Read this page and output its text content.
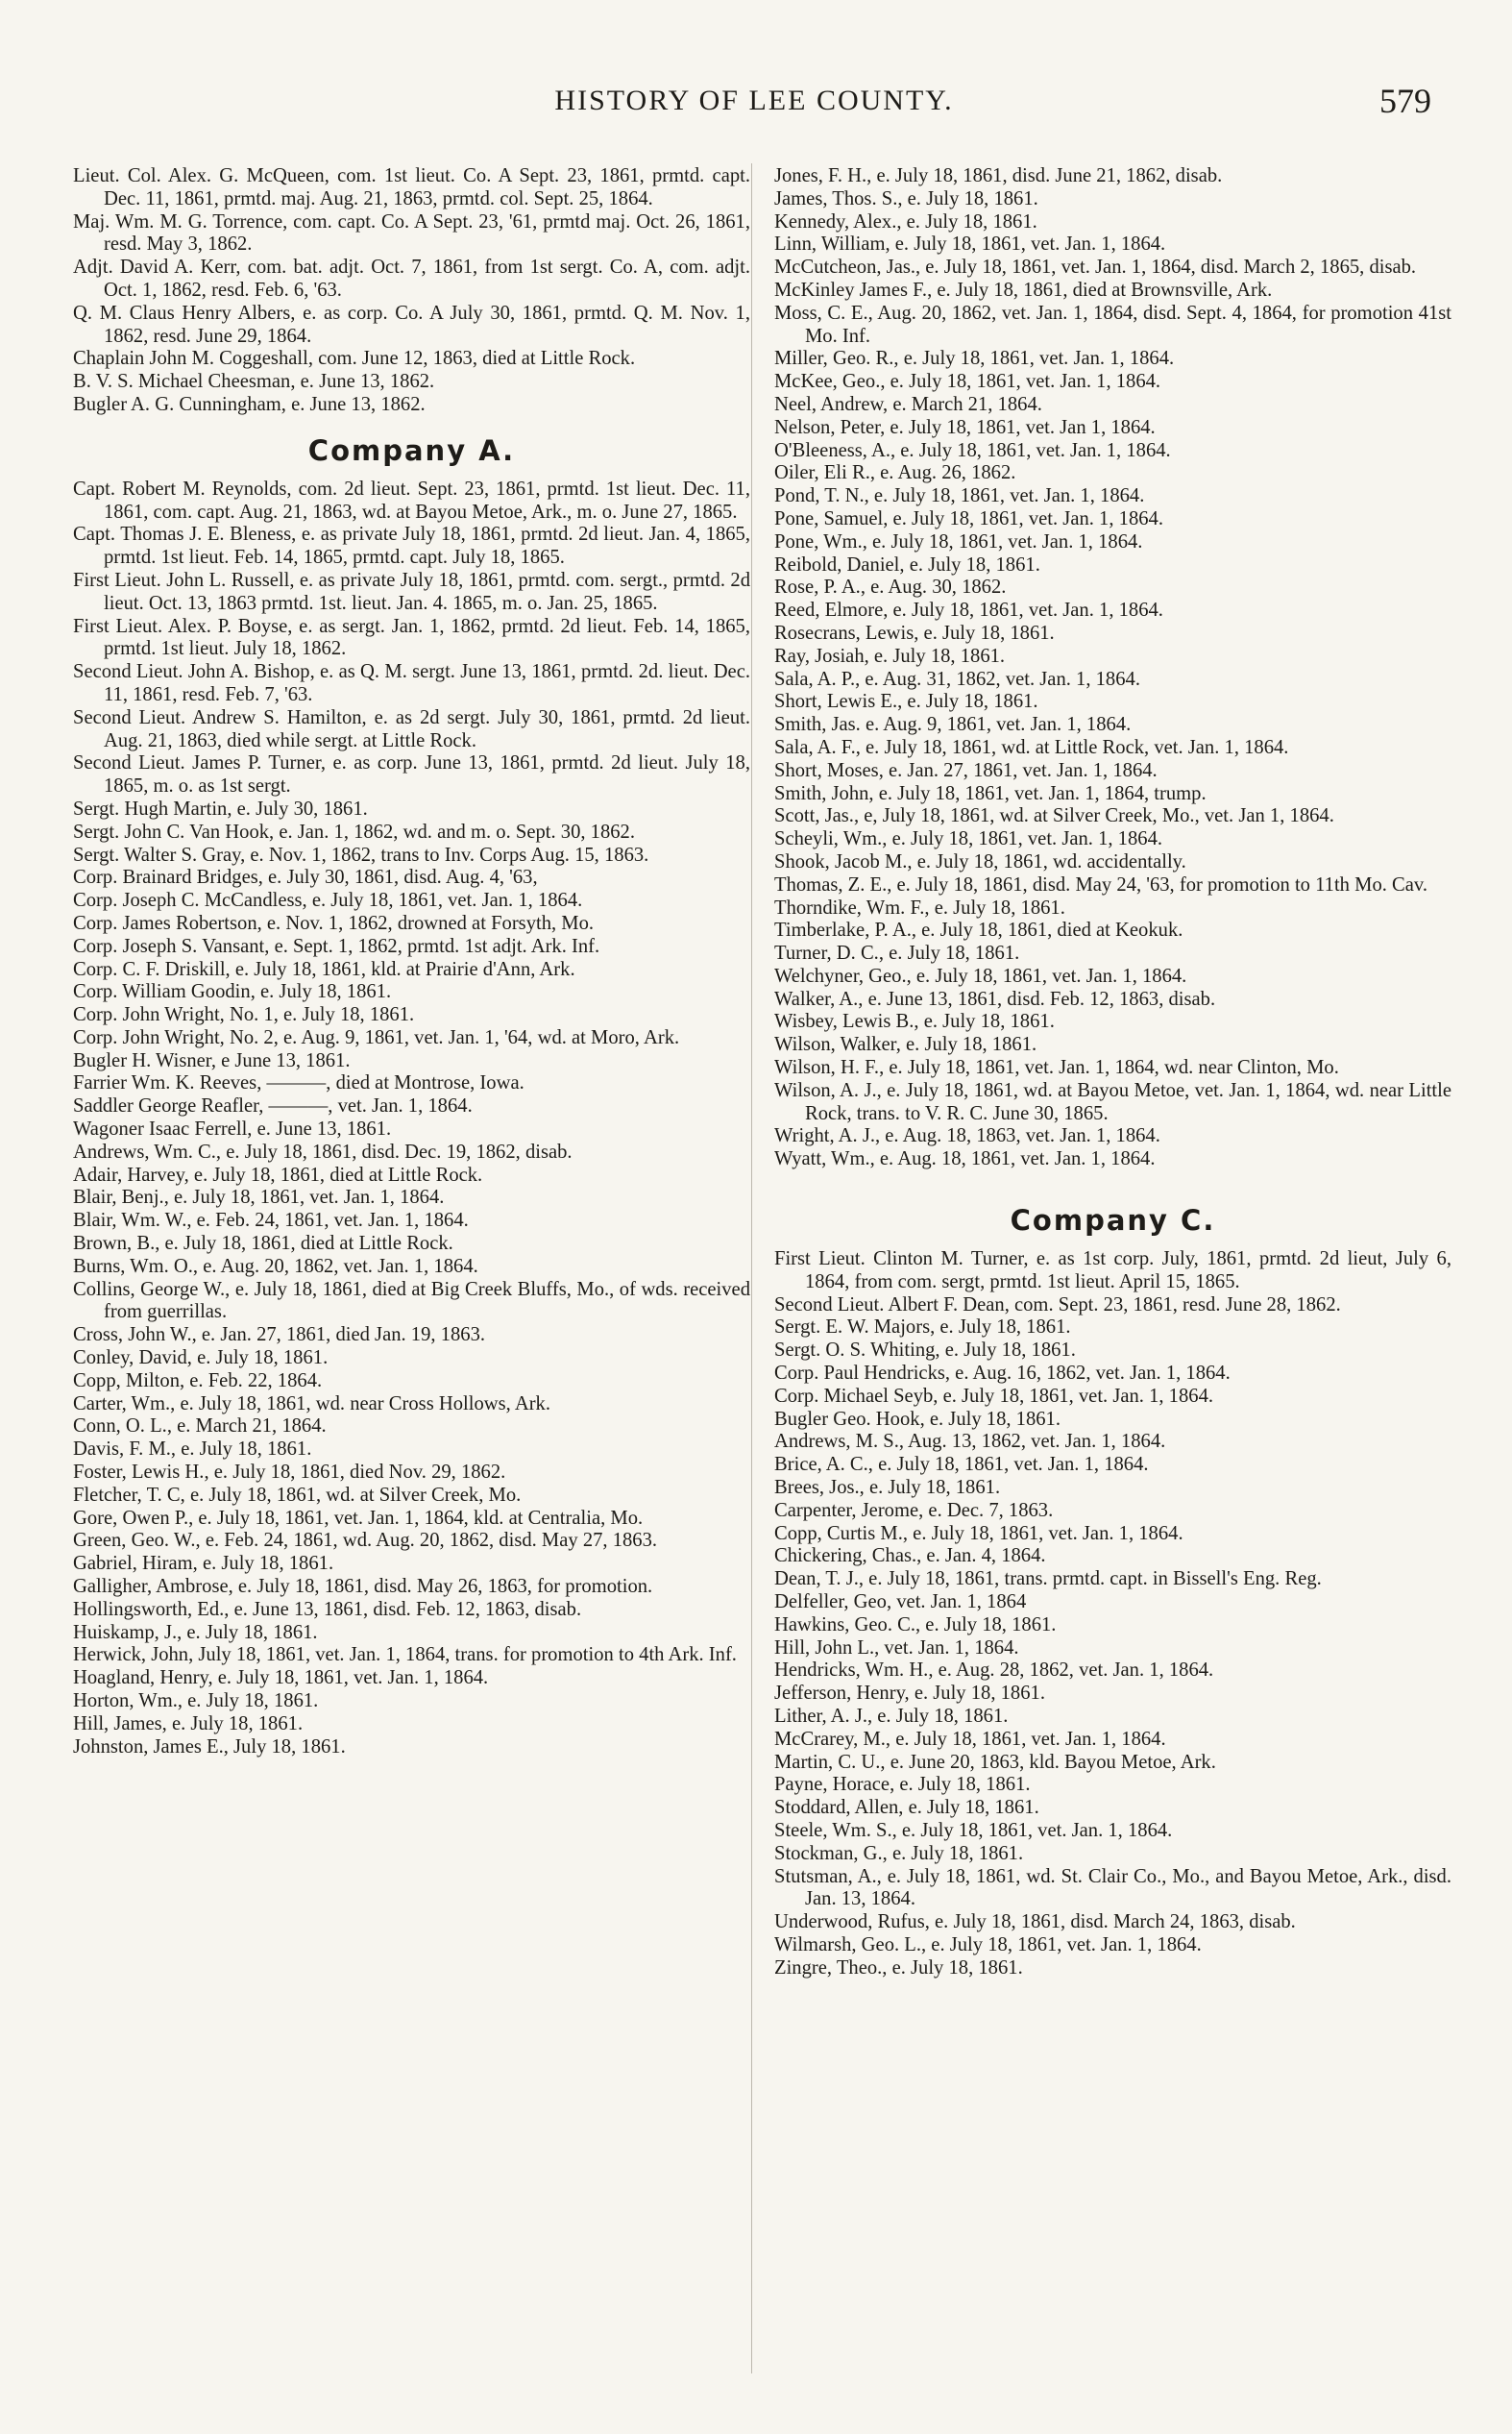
HISTORY OF LEE COUNTY.	579
Lieut. Col. Alex. G. McQueen, com. 1st lieut. Co. A Sept. 23, 1861, prmtd. capt. Dec. 11, 1861, prmtd. maj. Aug. 21, 1863, prmtd. col. Sept. 25, 1864.
Maj. Wm. M. G. Torrence, com. capt. Co. A Sept. 23, '61, prmtd maj. Oct. 26, 1861, resd. May 3, 1862.
Adjt. David A. Kerr, com. bat. adjt. Oct. 7, 1861, from 1st sergt. Co. A, com. adjt. Oct. 1, 1862, resd. Feb. 6, '63.
Q. M. Claus Henry Albers, e. as corp. Co. A July 30, 1861, prmtd. Q. M. Nov. 1, 1862, resd. June 29, 1864.
Chaplain John M. Coggeshall, com. June 12, 1863, died at Little Rock.
B. V. S. Michael Cheesman, e. June 13, 1862.
Bugler A. G. Cunningham, e. June 13, 1862.
Company A.
Capt. Robert M. Reynolds, com. 2d lieut. Sept. 23, 1861, prmtd. 1st lieut. Dec. 11, 1861, com. capt. Aug. 21, 1863, wd. at Bayou Metoe, Ark., m. o. June 27, 1865.
Capt. Thomas J. E. Bleness, e. as private July 18, 1861, prmtd. 2d lieut. Jan. 4, 1865, prmtd. 1st lieut. Feb. 14, 1865, prmtd. capt. July 18, 1865.
First Lieut. John L. Russell, e. as private July 18, 1861, prmtd. com. sergt., prmtd. 2d lieut. Oct. 13, 1863 prmtd. 1st. lieut. Jan. 4. 1865, m. o. Jan. 25, 1865.
First Lieut. Alex. P. Boyse, e. as sergt. Jan. 1, 1862, prmtd. 2d lieut. Feb. 14, 1865, prmtd. 1st lieut. July 18, 1862.
Second Lieut. John A. Bishop, e. as Q. M. sergt. June 13, 1861, prmtd. 2d. lieut. Dec. 11, 1861, resd. Feb. 7, '63.
Second Lieut. Andrew S. Hamilton, e. as 2d sergt. July 30, 1861, prmtd. 2d lieut. Aug. 21, 1863, died while sergt. at Little Rock.
Second Lieut. James P. Turner, e. as corp. June 13, 1861, prmtd. 2d lieut. July 18, 1865, m. o. as 1st sergt.
Sergt. Hugh Martin, e. July 30, 1861.
Sergt. John C. Van Hook, e. Jan. 1, 1862, wd. and m. o. Sept. 30, 1862.
Sergt. Walter S. Gray, e. Nov. 1, 1862, trans to Inv. Corps Aug. 15, 1863.
Corp. Brainard Bridges, e. July 30, 1861, disd. Aug. 4, '63,
Corp. Joseph C. McCandless, e. July 18, 1861, vet. Jan. 1, 1864.
Corp. James Robertson, e. Nov. 1, 1862, drowned at Forsyth, Mo.
Corp. Joseph S. Vansant, e. Sept. 1, 1862, prmtd. 1st adjt. Ark. Inf.
Corp. C. F. Driskill, e. July 18, 1861, kld. at Prairie d'Ann, Ark.
Corp. William Goodin, e. July 18, 1861.
Corp. John Wright, No. 1, e. July 18, 1861.
Corp. John Wright, No. 2, e. Aug. 9, 1861, vet. Jan. 1, '64, wd. at Moro, Ark.
Bugler H. Wisner, e June 13, 1861.
Farrier Wm. K. Reeves, ———, died at Montrose, Iowa.
Saddler George Reafler, ———, vet. Jan. 1, 1864.
Wagoner Isaac Ferrell, e. June 13, 1861.
Andrews, Wm. C., e. July 18, 1861, disd. Dec. 19, 1862, disab.
Adair, Harvey, e. July 18, 1861, died at Little Rock.
Blair, Benj., e. July 18, 1861, vet. Jan. 1, 1864.
Blair, Wm. W., e. Feb. 24, 1861, vet. Jan. 1, 1864.
Brown, B., e. July 18, 1861, died at Little Rock.
Burns, Wm. O., e. Aug. 20, 1862, vet. Jan. 1, 1864.
Collins, George W., e. July 18, 1861, died at Big Creek Bluffs, Mo., of wds. received from guerrillas.
Cross, John W., e. Jan. 27, 1861, died Jan. 19, 1863.
Conley, David, e. July 18, 1861.
Copp, Milton, e. Feb. 22, 1864.
Carter, Wm., e. July 18, 1861, wd. near Cross Hollows, Ark.
Conn, O. L., e. March 21, 1864.
Davis, F. M., e. July 18, 1861.
Foster, Lewis H., e. July 18, 1861, died Nov. 29, 1862.
Fletcher, T. C, e. July 18, 1861, wd. at Silver Creek, Mo.
Gore, Owen P., e. July 18, 1861, vet. Jan. 1, 1864, kld. at Centralia, Mo.
Green, Geo. W., e. Feb. 24, 1861, wd. Aug. 20, 1862, disd. May 27, 1863.
Gabriel, Hiram, e. July 18, 1861.
Galligher, Ambrose, e. July 18, 1861, disd. May 26, 1863, for promotion.
Hollingsworth, Ed., e. June 13, 1861, disd. Feb. 12, 1863, disab.
Huiskamp, J., e. July 18, 1861.
Herwick, John, July 18, 1861, vet. Jan. 1, 1864, trans. for promotion to 4th Ark. Inf.
Hoagland, Henry, e. July 18, 1861, vet. Jan. 1, 1864.
Horton, Wm., e. July 18, 1861.
Hill, James, e. July 18, 1861.
Johnston, James E., July 18, 1861.
Jones, F. H., e. July 18, 1861, disd. June 21, 1862, disab.
James, Thos. S., e. July 18, 1861.
Kennedy, Alex., e. July 18, 1861.
Linn, William, e. July 18, 1861, vet. Jan. 1, 1864.
McCutcheon, Jas., e. July 18, 1861, vet. Jan. 1, 1864, disd. March 2, 1865, disab.
McKinley James F., e. July 18, 1861, died at Brownsville, Ark.
Moss, C. E., Aug. 20, 1862, vet. Jan. 1, 1864, disd. Sept. 4, 1864, for promotion 41st Mo. Inf.
Miller, Geo. R., e. July 18, 1861, vet. Jan. 1, 1864.
McKee, Geo., e. July 18, 1861, vet. Jan. 1, 1864.
Neel, Andrew, e. March 21, 1864.
Nelson, Peter, e. July 18, 1861, vet. Jan 1, 1864.
O'Bleeness, A., e. July 18, 1861, vet. Jan. 1, 1864.
Oiler, Eli R., e. Aug. 26, 1862.
Pond, T. N., e. July 18, 1861, vet. Jan. 1, 1864.
Pone, Samuel, e. July 18, 1861, vet. Jan. 1, 1864.
Pone, Wm., e. July 18, 1861, vet. Jan. 1, 1864.
Reibold, Daniel, e. July 18, 1861.
Rose, P. A., e. Aug. 30, 1862.
Reed, Elmore, e. July 18, 1861, vet. Jan. 1, 1864.
Rosecrans, Lewis, e. July 18, 1861.
Ray, Josiah, e. July 18, 1861.
Sala, A. P., e. Aug. 31, 1862, vet. Jan. 1, 1864.
Short, Lewis E., e. July 18, 1861.
Smith, Jas. e. Aug. 9, 1861, vet. Jan. 1, 1864.
Sala, A. F., e. July 18, 1861, wd. at Little Rock, vet. Jan. 1, 1864.
Short, Moses, e. Jan. 27, 1861, vet. Jan. 1, 1864.
Smith, John, e. July 18, 1861, vet. Jan. 1, 1864, trump.
Scott, Jas., e, July 18, 1861, wd. at Silver Creek, Mo., vet. Jan 1, 1864.
Scheyli, Wm., e. July 18, 1861, vet. Jan. 1, 1864.
Shook, Jacob M., e. July 18, 1861, wd. accidentally.
Thomas, Z. E., e. July 18, 1861, disd. May 24, '63, for promotion to 11th Mo. Cav.
Thorndike, Wm. F., e. July 18, 1861.
Timberlake, P. A., e. July 18, 1861, died at Keokuk.
Turner, D. C., e. July 18, 1861.
Welchyner, Geo., e. July 18, 1861, vet. Jan. 1, 1864.
Walker, A., e. June 13, 1861, disd. Feb. 12, 1863, disab.
Wisbey, Lewis B., e. July 18, 1861.
Wilson, Walker, e. July 18, 1861.
Wilson, H. F., e. July 18, 1861, vet. Jan. 1, 1864, wd. near Clinton, Mo.
Wilson, A. J., e. July 18, 1861, wd. at Bayou Metoe, vet. Jan. 1, 1864, wd. near Little Rock, trans. to V. R. C. June 30, 1865.
Wright, A. J., e. Aug. 18, 1863, vet. Jan. 1, 1864.
Wyatt, Wm., e. Aug. 18, 1861, vet. Jan. 1, 1864.
Company C.
First Lieut. Clinton M. Turner, e. as 1st corp. July, 1861, prmtd. 2d lieut, July 6, 1864, from com. sergt, prmtd. 1st lieut. April 15, 1865.
Second Lieut. Albert F. Dean, com. Sept. 23, 1861, resd. June 28, 1862.
Sergt. E. W. Majors, e. July 18, 1861.
Sergt. O. S. Whiting, e. July 18, 1861.
Corp. Paul Hendricks, e. Aug. 16, 1862, vet. Jan. 1, 1864.
Corp. Michael Seyb, e. July 18, 1861, vet. Jan. 1, 1864.
Bugler Geo. Hook, e. July 18, 1861.
Andrews, M. S., Aug. 13, 1862, vet. Jan. 1, 1864.
Brice, A. C., e. July 18, 1861, vet. Jan. 1, 1864.
Brees, Jos., e. July 18, 1861.
Carpenter, Jerome, e. Dec. 7, 1863.
Copp, Curtis M., e. July 18, 1861, vet. Jan. 1, 1864.
Chickering, Chas., e. Jan. 4, 1864.
Dean, T. J., e. July 18, 1861, trans. prmtd. capt. in Bissell's Eng. Reg.
Delfeller, Geo, vet. Jan. 1, 1864
Hawkins, Geo. C., e. July 18, 1861.
Hill, John L., vet. Jan. 1, 1864.
Hendricks, Wm. H., e. Aug. 28, 1862, vet. Jan. 1, 1864.
Jefferson, Henry, e. July 18, 1861.
Lither, A. J., e. July 18, 1861.
McCrarey, M., e. July 18, 1861, vet. Jan. 1, 1864.
Martin, C. U., e. June 20, 1863, kld. Bayou Metoe, Ark.
Payne, Horace, e. July 18, 1861.
Stoddard, Allen, e. July 18, 1861.
Steele, Wm. S., e. July 18, 1861, vet. Jan. 1, 1864.
Stockman, G., e. July 18, 1861.
Stutsman, A., e. July 18, 1861, wd. St. Clair Co., Mo., and Bayou Metoe, Ark., disd. Jan. 13, 1864.
Underwood, Rufus, e. July 18, 1861, disd. March 24, 1863, disab.
Wilmarsh, Geo. L., e. July 18, 1861, vet. Jan. 1, 1864.
Zingre, Theo., e. July 18, 1861.
